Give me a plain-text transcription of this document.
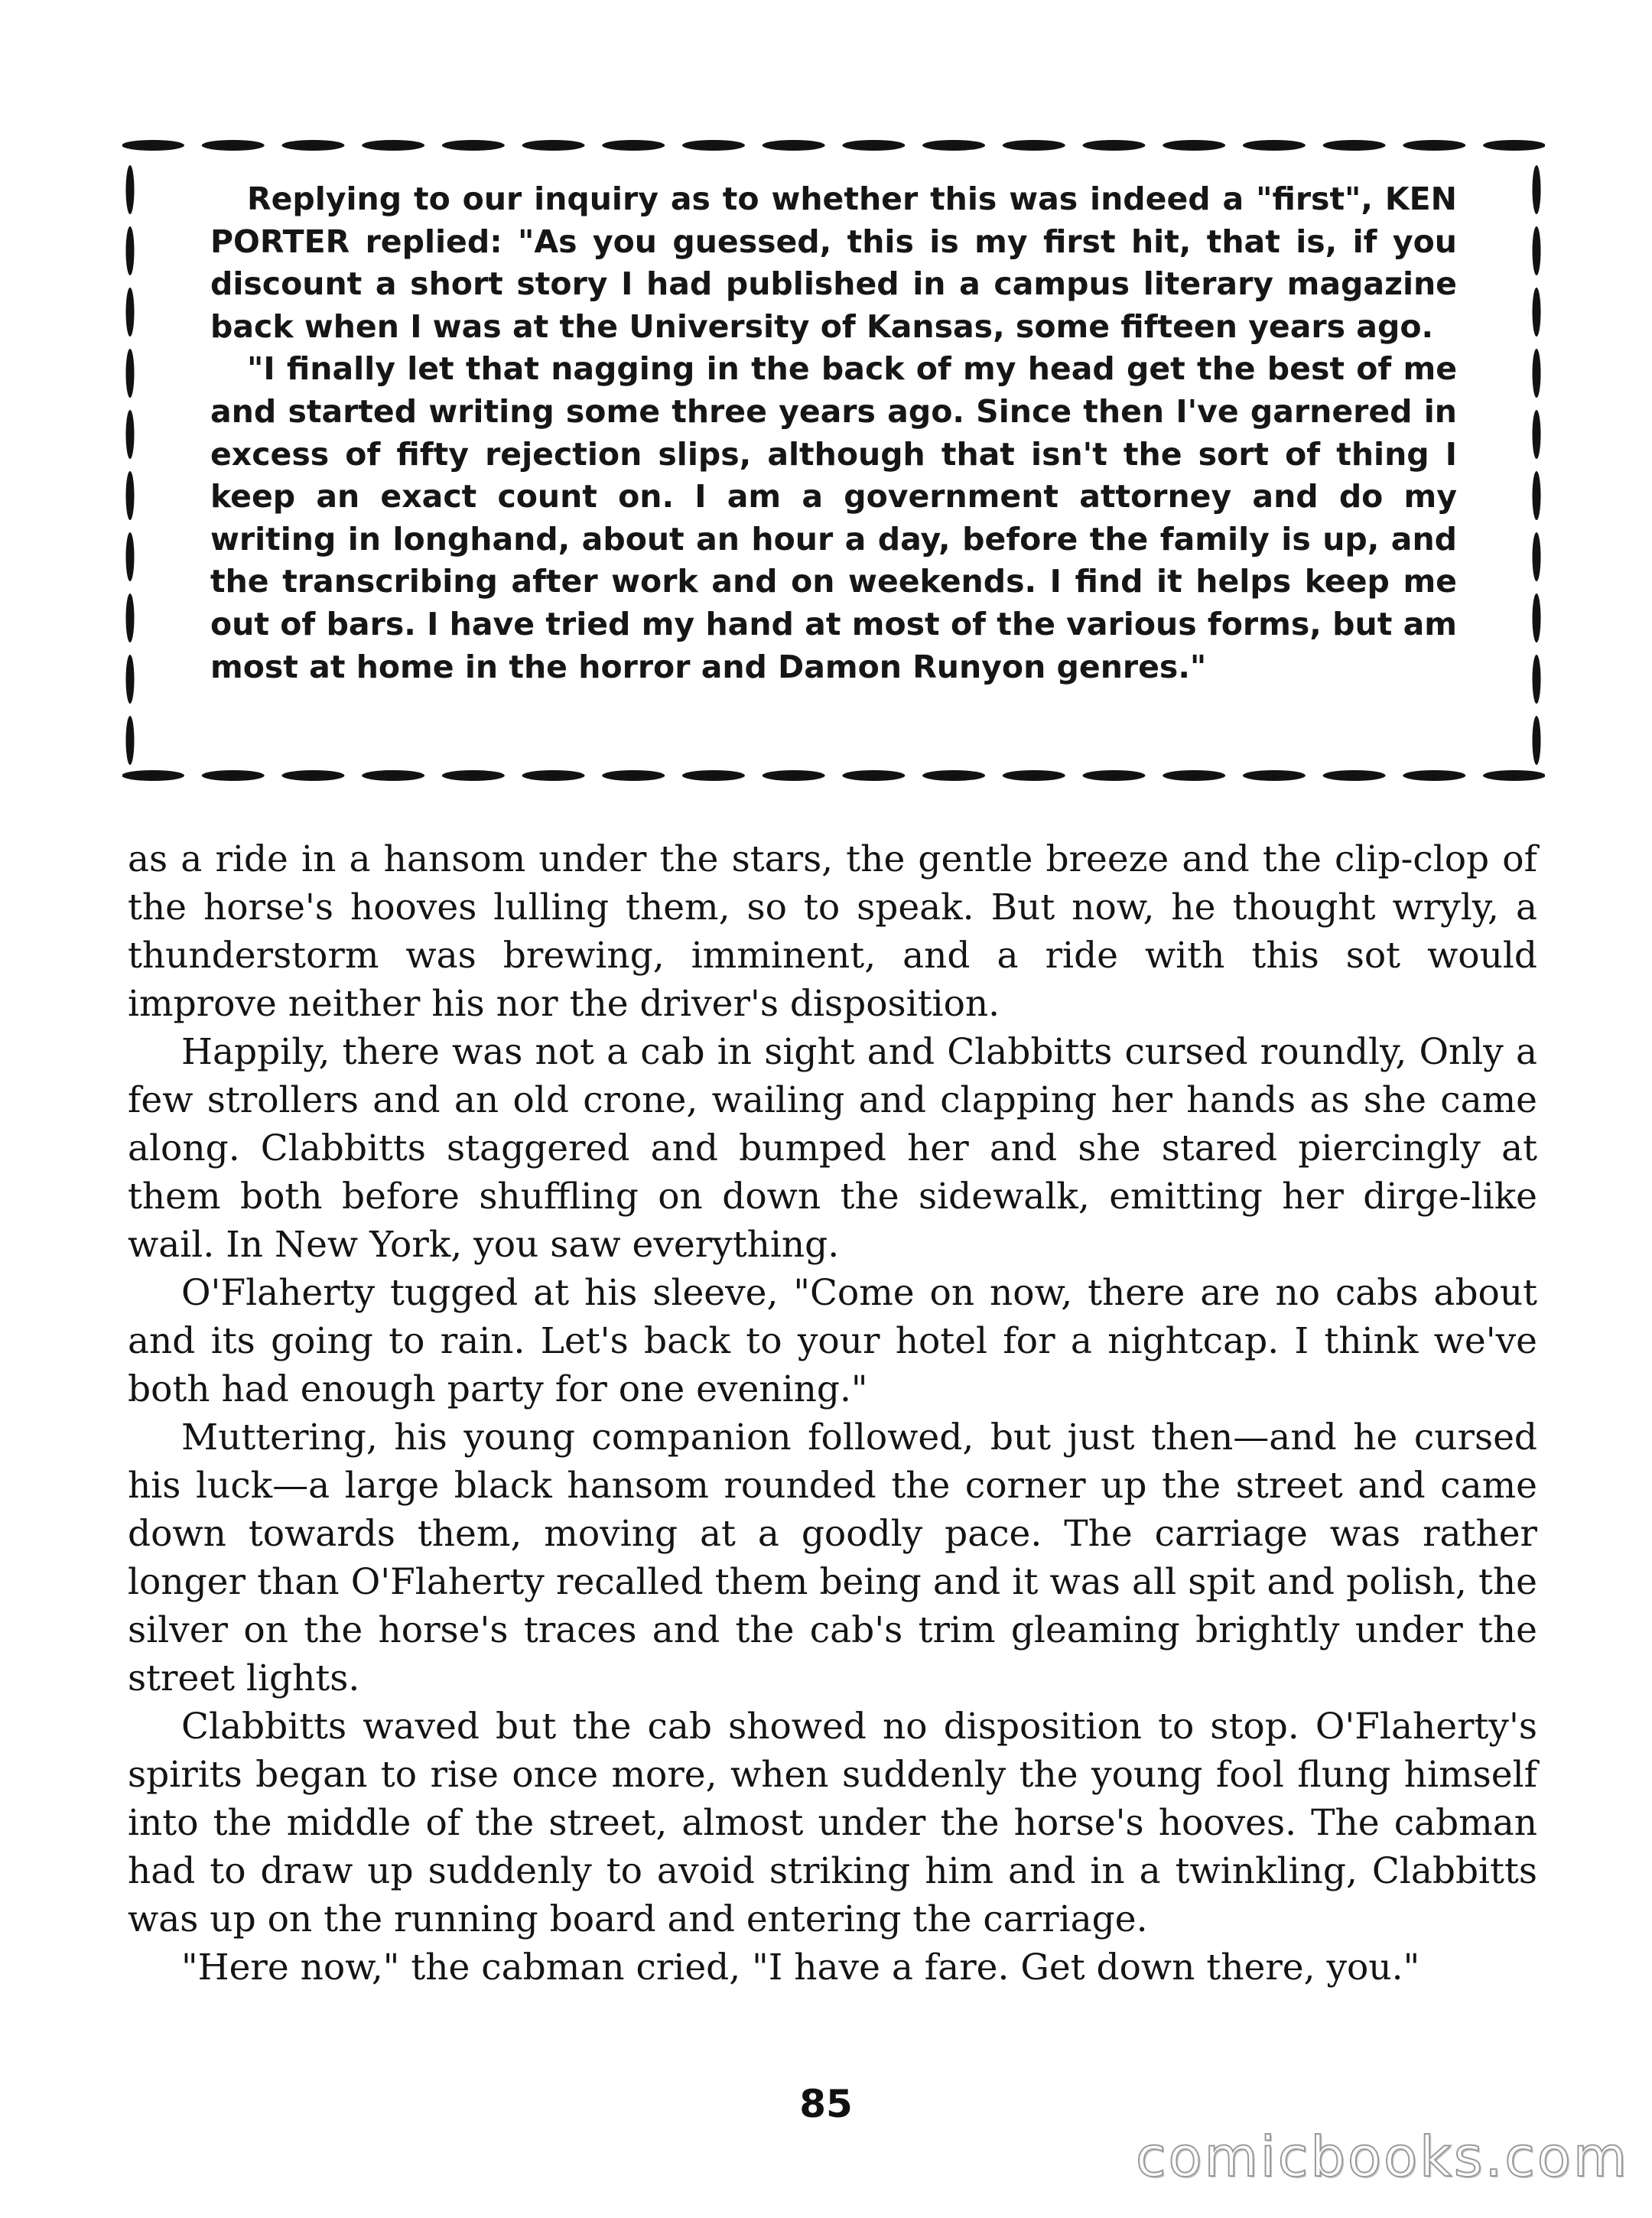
Replying to our inquiry as to whether this was indeed a "first", KEN PORTER replied: "As you guessed, this is my first hit, that is, if you discount a short story I had published in a campus literary magazine back when I was at the University of Kansas, some fifteen years ago.

"I finally let that nagging in the back of my head get the best of me and started writing some three years ago. Since then I've garnered in excess of fifty rejection slips, although that isn't the sort of thing I keep an exact count on. I am a government attorney and do my writing in longhand, about an hour a day, before the family is up, and the transcribing after work and on weekends. I find it helps keep me out of bars. I have tried my hand at most of the various forms, but am most at home in the horror and Damon Runyon genres."

as a ride in a hansom under the stars, the gentle breeze and the clip-clop of the horse's hooves lulling them, so to speak. But now, he thought wryly, a thunderstorm was brewing, imminent, and a ride with this sot would improve neither his nor the driver's disposition.

Happily, there was not a cab in sight and Clabbitts cursed roundly, Only a few strollers and an old crone, wailing and clapping her hands as she came along. Clabbitts staggered and bumped her and she stared piercingly at them both before shuffling on down the sidewalk, emitting her dirge-like wail. In New York, you saw everything.

O'Flaherty tugged at his sleeve, "Come on now, there are no cabs about and its going to rain. Let's back to your hotel for a nightcap. I think we've both had enough party for one evening."

Muttering, his young companion followed, but just then—and he cursed his luck—a large black hansom rounded the corner up the street and came down towards them, moving at a goodly pace. The carriage was rather longer than O'Flaherty recalled them being and it was all spit and polish, the silver on the horse's traces and the cab's trim gleaming brightly under the street lights.

Clabbitts waved but the cab showed no disposition to stop. O'Flaherty's spirits began to rise once more, when suddenly the young fool flung himself into the middle of the street, almost under the horse's hooves. The cabman had to draw up suddenly to avoid striking him and in a twinkling, Clabbitts was up on the running board and entering the carriage.

"Here now," the cabman cried, "I have a fare. Get down there, you."

85
comicbooks.com
